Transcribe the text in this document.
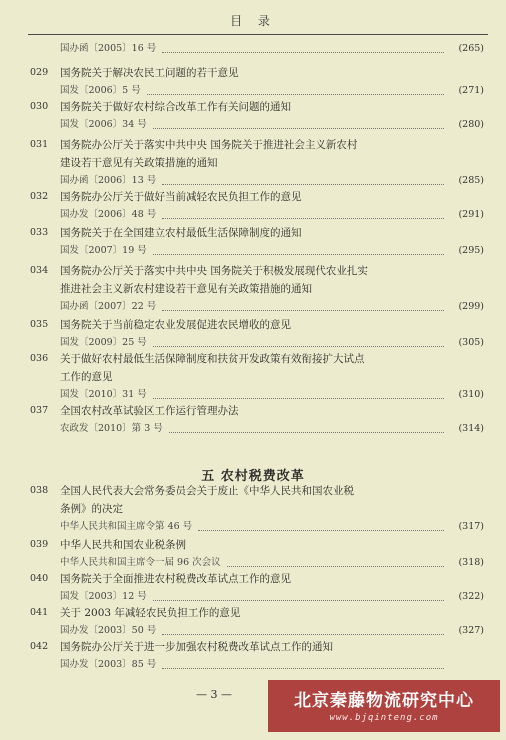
目 录
国办函〔2005〕16 号	(265)
029 国务院关于解决农民工问题的若干意见
国发〔2006〕5 号	(271)
030 国务院关于做好农村综合改革工作有关问题的通知
国发〔2006〕34 号	(280)
031 国务院办公厅关于落实中共中央 国务院关于推进社会主义新农村
建设若干意见有关政策措施的通知
国办函〔2006〕13 号	(285)
032 国务院办公厅关于做好当前减轻农民负担工作的意见
国办发〔2006〕48 号	(291)
033 国务院关于在全国建立农村最低生活保障制度的通知
国发〔2007〕19 号	(295)
034 国务院办公厅关于落实中共中央 国务院关于积极发展现代农业扎实
推进社会主义新农村建设若干意见有关政策措施的通知
国办函〔2007〕22 号	(299)
035 国务院关于当前稳定农业发展促进农民增收的意见
国发〔2009〕25 号	(305)
036 关于做好农村最低生活保障制度和扶贫开发政策有效衔接扩大试点
工作的意见
国发〔2010〕31 号	(310)
037 全国农村改革试验区工作运行管理办法
农政发〔2010〕第 3 号	(314)
038 全国人民代表大会常务委员会关于废止《中华人民共和国农业税
条例》的决定
中华人民共和国主席令第 46 号	(317)
039 中华人民共和国农业税条例
中华人民共和国主席令一届 96 次会议	(318)
040 国务院关于全面推进农村税费改革试点工作的意见
国发〔2003〕12 号	(322)
041 关于 2003 年减轻农民负担工作的意见
国办发〔2003〕50 号	(327)
042 国务院办公厅关于进一步加强农村税费改革试点工作的通知
国办发〔2003〕85 号
五 农村税费改革
— 3 —	北京秦藤物流研究中心
www.bjqinteng.com
